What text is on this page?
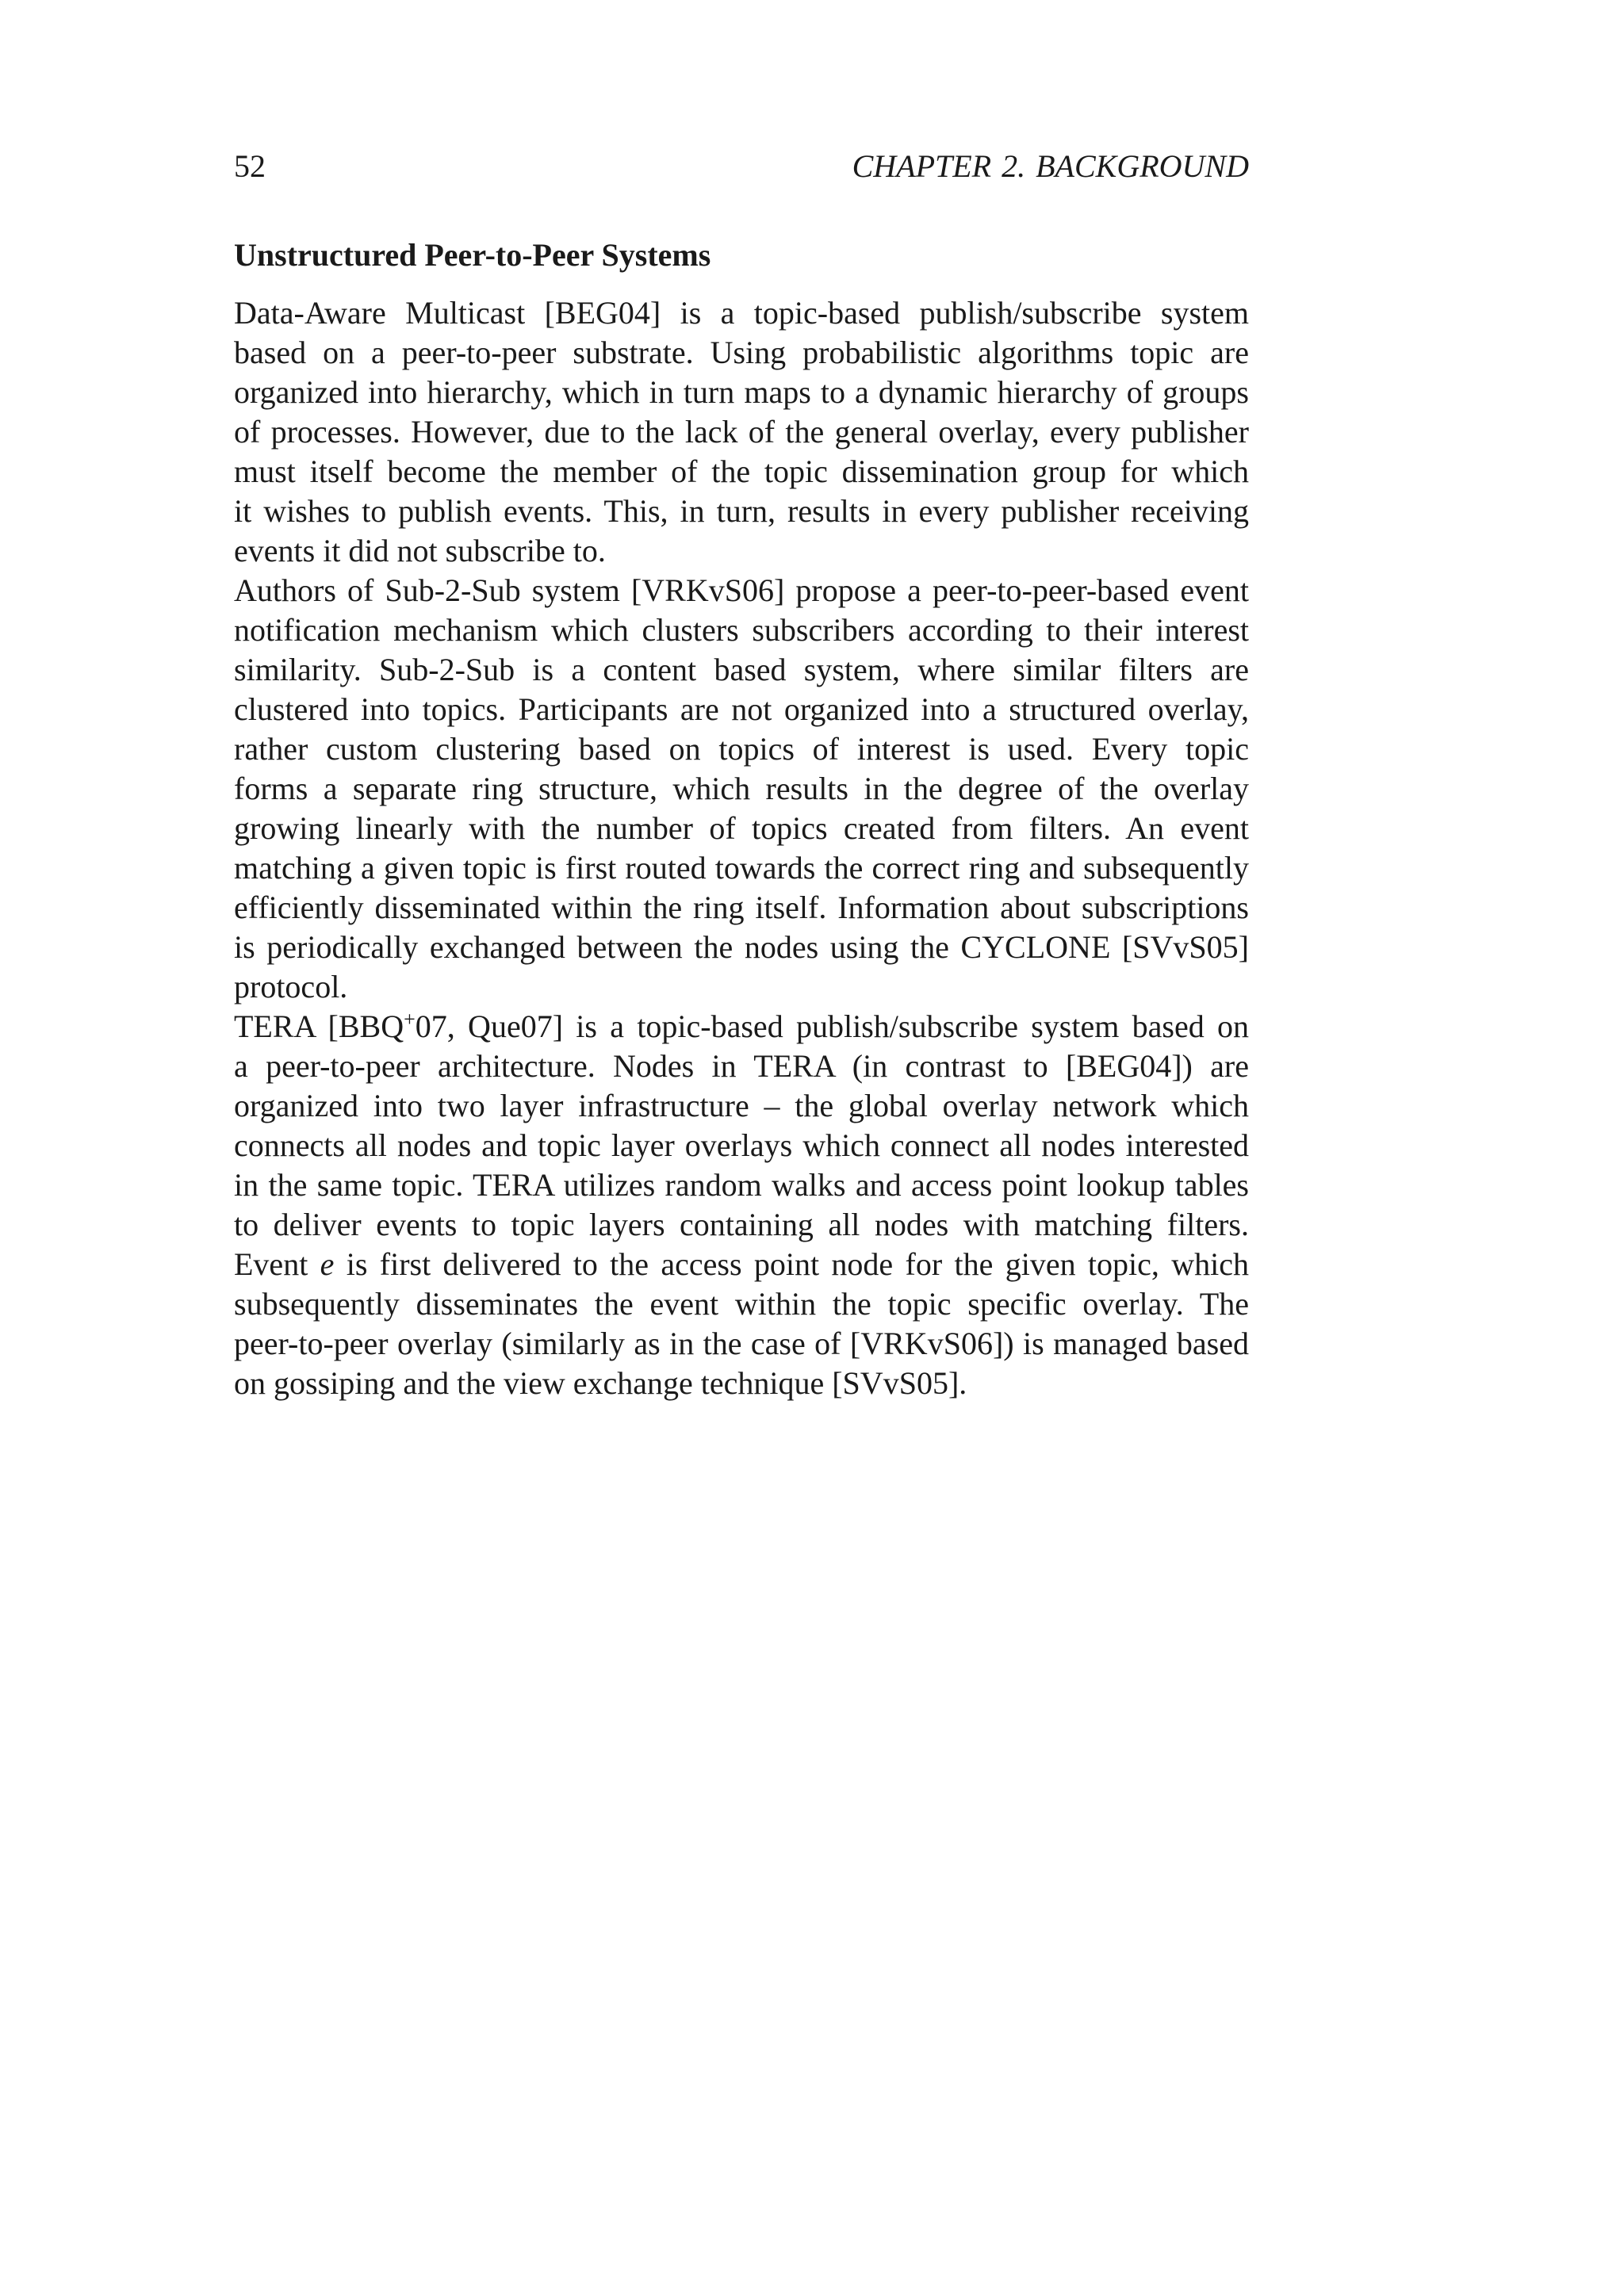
52	CHAPTER 2. BACKGROUND
Unstructured Peer-to-Peer Systems

Data-Aware Multicast [BEG04] is a topic-based publish/subscribe system
based on a peer-to-peer substrate. Using probabilistic algorithms topic are
organized into hierarchy, which in turn maps to a dynamic hierarchy of groups
of processes. However, due to the lack of the general overlay, every publisher
must itself become the member of the topic dissemination group for which
it wishes to publish events. This, in turn, results in every publisher receiving
events it did not subscribe to.

Authors of Sub-2-Sub system [VRKvS06] propose a peer-to-peer-based event
notification mechanism which clusters subscribers according to their interest
similarity. Sub-2-Sub is a content based system, where similar filters are
clustered into topics. Participants are not organized into a structured overlay,
rather custom clustering based on topics of interest is used. Every topic
forms a separate ring structure, which results in the degree of the overlay
growing linearly with the number of topics created from filters. An event
matching a given topic is first routed towards the correct ring and subsequently
efficiently disseminated within the ring itself. Information about subscriptions
is periodically exchanged between the nodes using the CYCLONE [SVvS05]
protocol.

TERA [BBQ+07, Que07] is a topic-based publish/subscribe system based on
a peer-to-peer architecture. Nodes in TERA (in contrast to [BEG04]) are
organized into two layer infrastructure – the global overlay network which
connects all nodes and topic layer overlays which connect all nodes interested
in the same topic. TERA utilizes random walks and access point lookup tables
to deliver events to topic layers containing all nodes with matching filters.
Event e is first delivered to the access point node for the given topic, which
subsequently disseminates the event within the topic specific overlay. The
peer-to-peer overlay (similarly as in the case of [VRKvS06]) is managed based
on gossiping and the view exchange technique [SVvS05].
